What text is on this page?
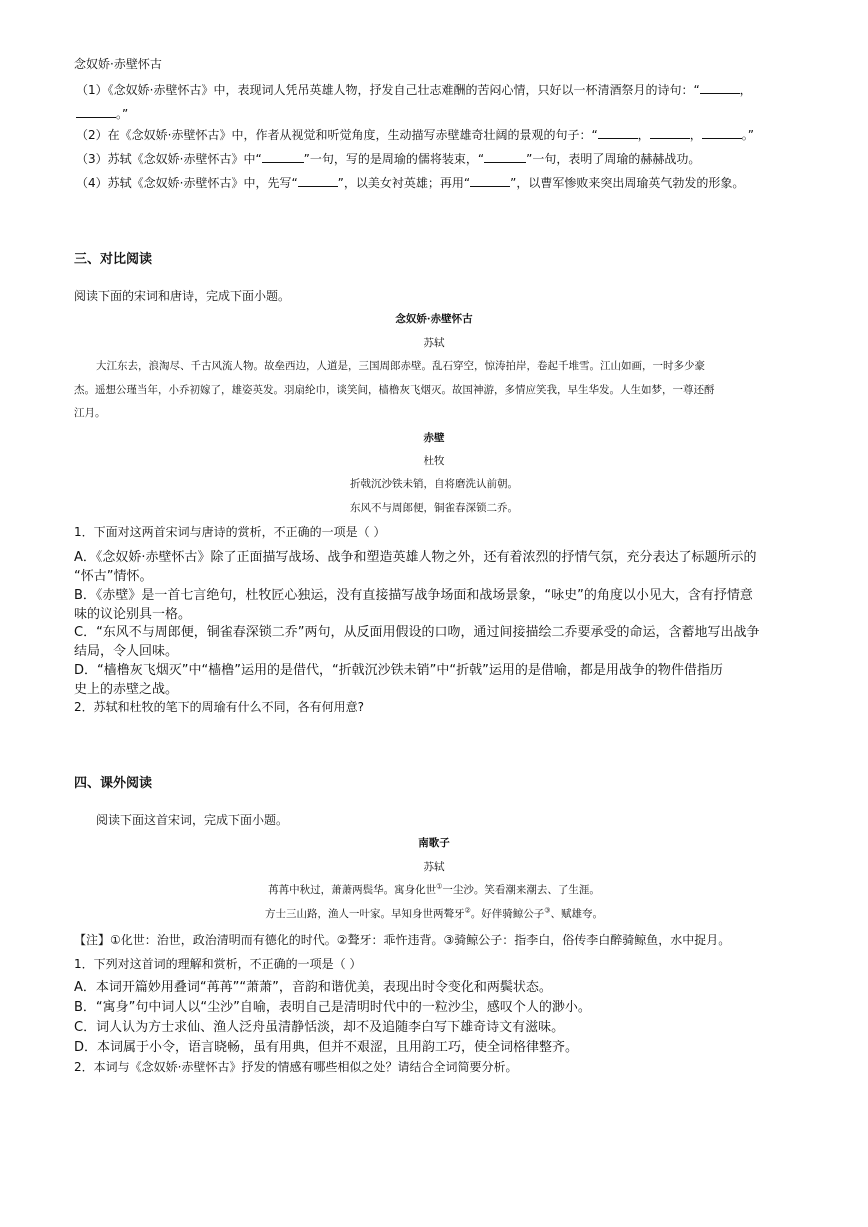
念奴娇·赤壁怀古
（1）《念奴娇·赤壁怀古》中，表现词人凭吊英雄人物，抒发自己壮志难酬的苦闷心情，只好以一杯清酒祭月的诗句：“	，
。”
（2）在《念奴娇·赤壁怀古》中，作者从视觉和听觉角度，生动描写赤壁雄奇壮阔的景观的句子：“	，	，	。”
（3）苏轼《念奴娇·赤壁怀古》中“	”一句，写的是周瑜的儒将装束，“	”一句，表明了周瑜的赫赫战功。
（4）苏轼《念奴娇·赤壁怀古》中，先写“	”，以美女衬英雄；再用“	”，以曹军惨败来突出周瑜英气勃发的形象。
三、对比阅读
阅读下面的宋词和唐诗，完成下面小题。
念奴娇·赤壁怀古
苏轼
大江东去，浪淘尽、千古风流人物。故垒西边，人道是，三国周郎赤壁。乱石穿空，惊涛拍岸，卷起千堆雪。江山如画，一时多少豪
杰。遥想公瑾当年，小乔初嫁了，雄姿英发。羽扇纶巾，谈笑间，樯橹灰飞烟灭。故国神游，多情应笑我，早生华发。人生如梦，一尊还酹
江月。
赤壁
杜牧
折戟沉沙铁未销，自将磨洗认前朝。
东风不与周郎便，铜雀春深锁二乔。
1．下面对这两首宋词与唐诗的赏析，不正确的一项是（ ）
A．《念奴娇·赤壁怀古》除了正面描写战场、战争和塑造英雄人物之外，还有着浓烈的抒情气氛，充分表达了标题所示的
“怀古”情怀。
B．《赤壁》是一首七言绝句，杜牧匠心独运，没有直接描写战争场面和战场景象，“咏史”的角度以小见大，含有抒情意
味的议论别具一格。
C．“东风不与周郎便，铜雀春深锁二乔”两句，从反面用假设的口吻，通过间接描绘二乔要承受的命运，含蓄地写出战争
结局，令人回味。
D．“樯橹灰飞烟灭”中“樯橹”运用的是借代，“折戟沉沙铁未销”中“折戟”运用的是借喻，都是用战争的物件借指历
史上的赤壁之战。
2．苏轼和杜牧的笔下的周瑜有什么不同，各有何用意?
四、课外阅读
阅读下面这首宋词，完成下面小题。
南歌子
苏轼
苒苒中秋过，萧萧两鬓华。寓身化世①一尘沙。笑看潮来潮去、了生涯。
方士三山路，渔人一叶家。早知身世两聱牙②。好伴骑鲸公子③、赋雄夸。
【注】①化世：治世，政治清明而有德化的时代。②聱牙：乖忤违背。③骑鲸公子：指李白，俗传李白醉骑鲸鱼，水中捉月。
1．下列对这首词的理解和赏析，不正确的一项是（ ）
A．本词开篇妙用叠词“苒苒”“萧萧”，音韵和谐优美，表现出时令变化和两鬓状态。
B．“寓身”句中词人以“尘沙”自喻，表明自己是清明时代中的一粒沙尘，感叹个人的渺小。
C．词人认为方士求仙、渔人泛舟虽清静恬淡，却不及追随李白写下雄奇诗文有滋味。
D．本词属于小令，语言晓畅，虽有用典，但并不艰涩，且用韵工巧，使全词格律整齐。
2．本词与《念奴娇·赤壁怀古》抒发的情感有哪些相似之处？请结合全词简要分析。
